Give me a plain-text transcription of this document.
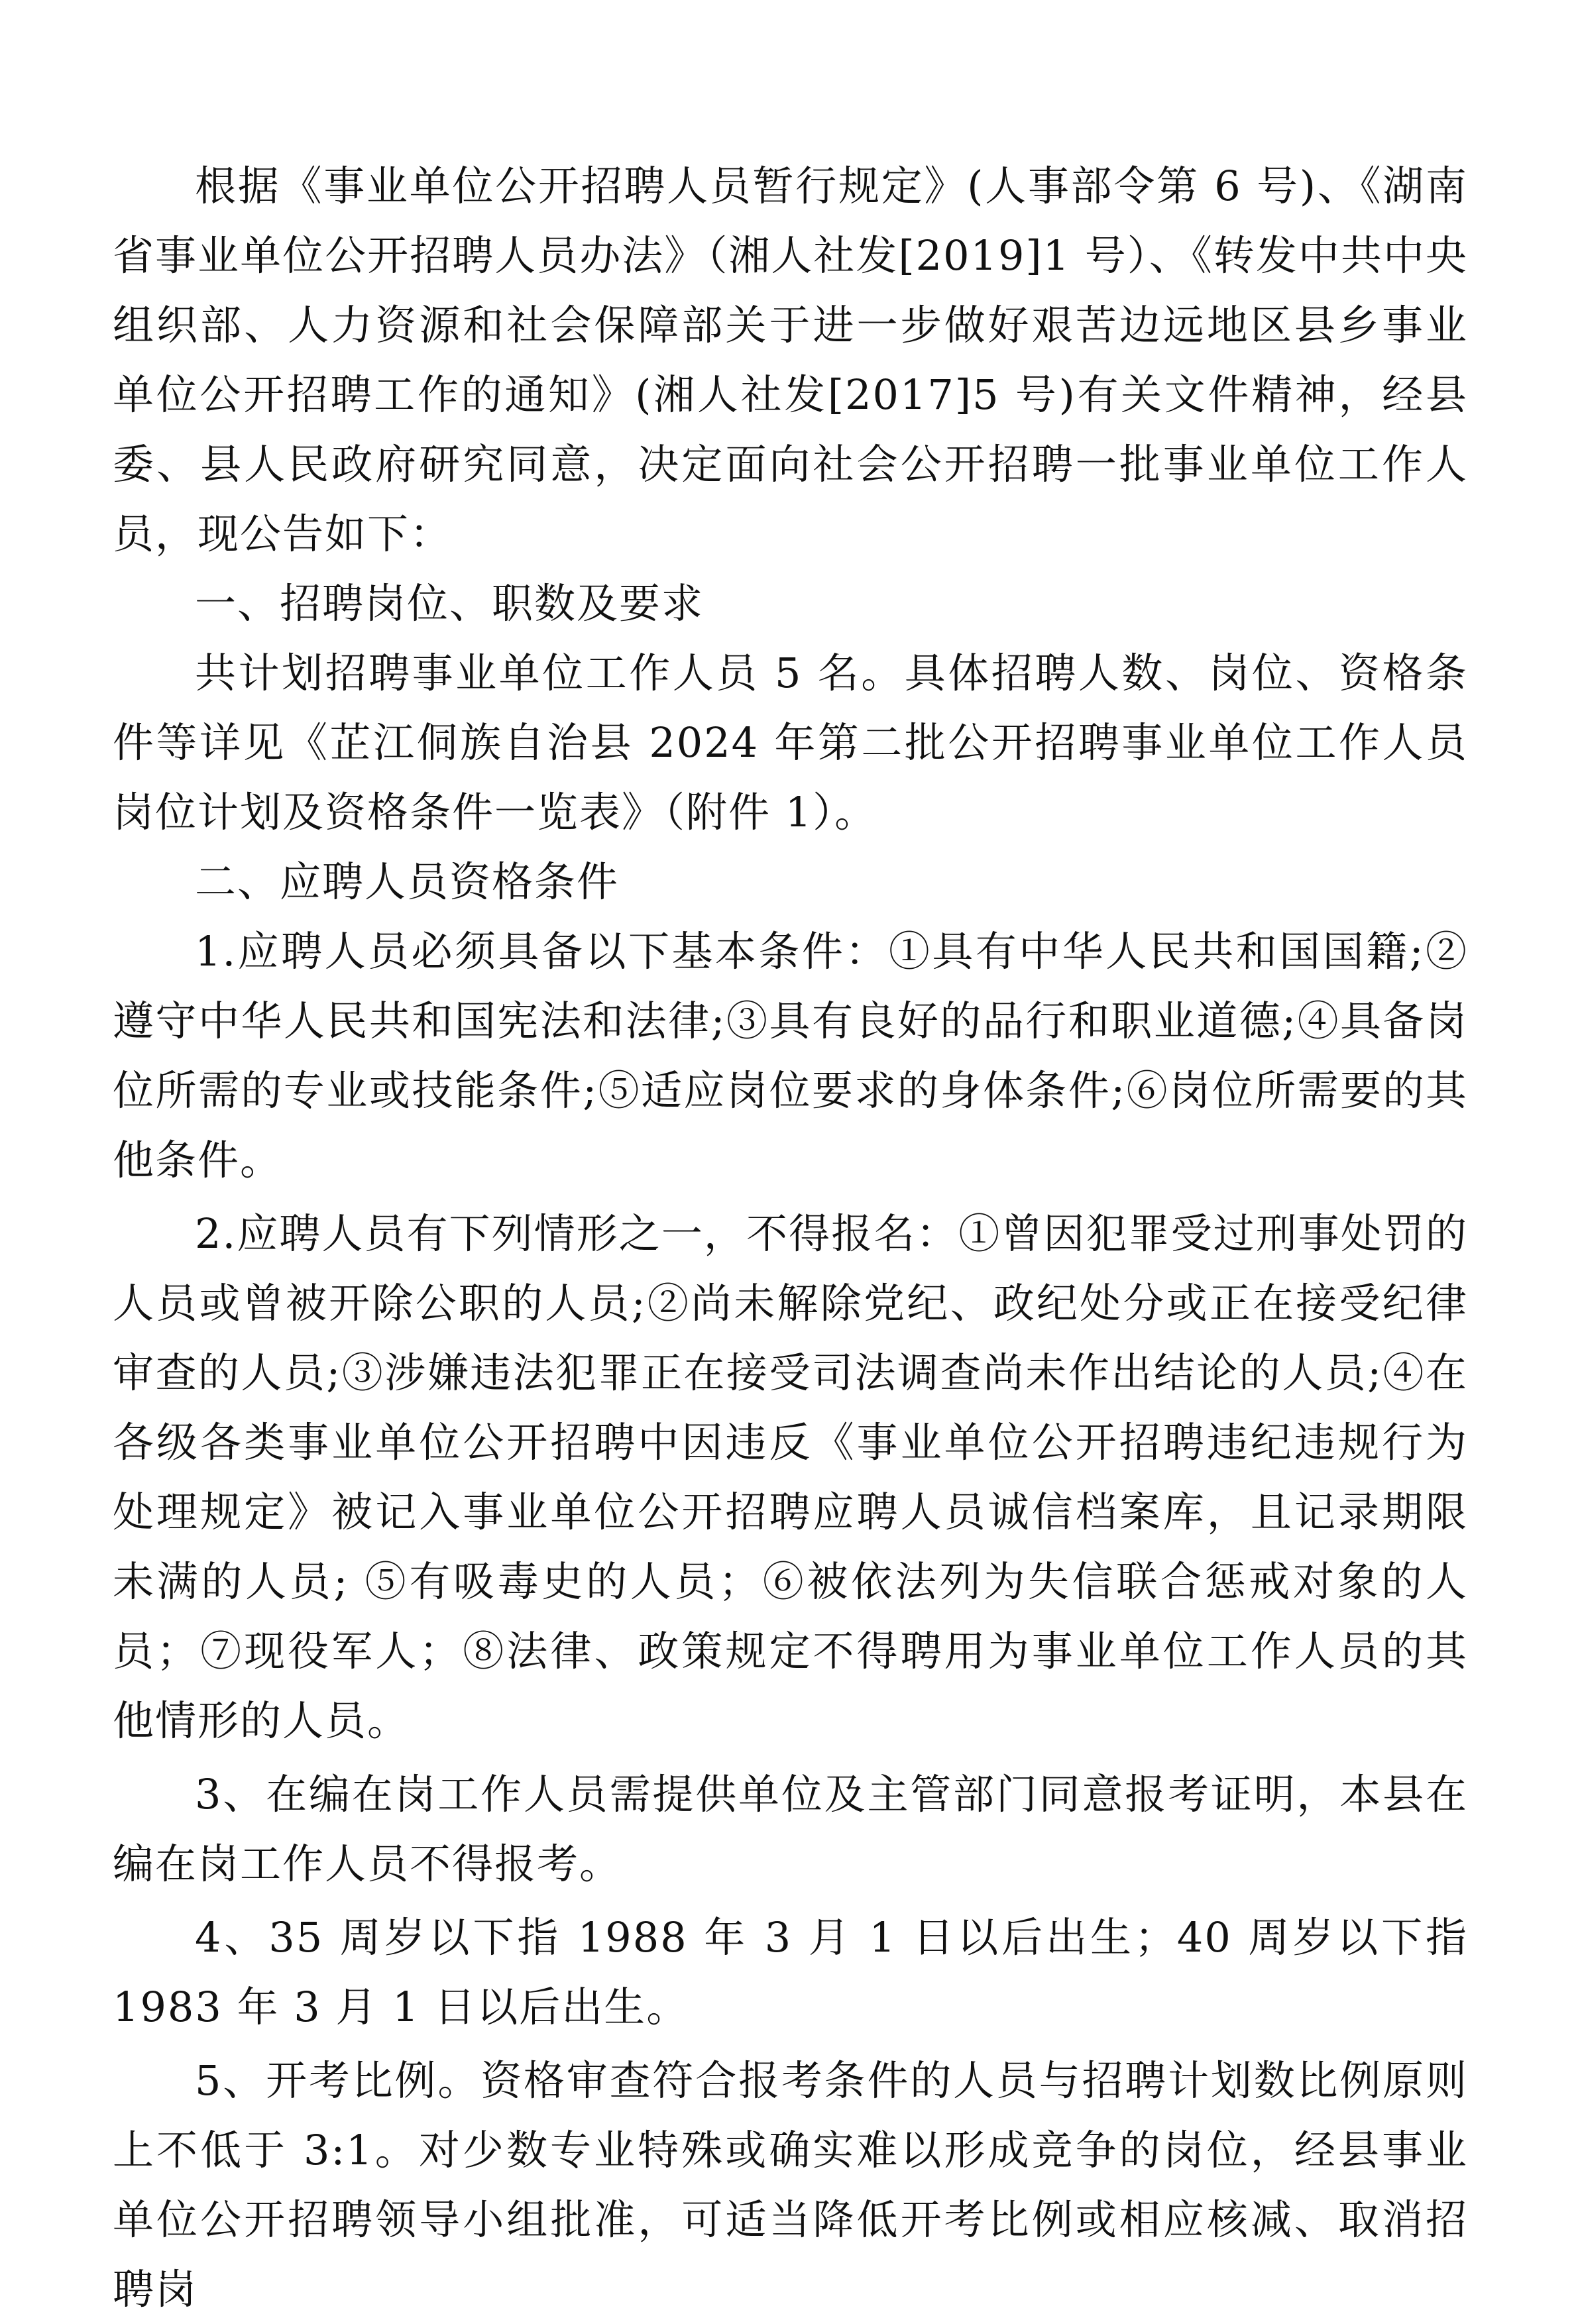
根据《事业单位公开招聘人员暂行规定》(人事部令第 6 号)、《湖南省事业单位公开招聘人员办法》（湘人社发[2019]1 号）、《转发中共中央组织部、人力资源和社会保障部关于进一步做好艰苦边远地区县乡事业单位公开招聘工作的通知》(湘人社发[2017]5 号)有关文件精神，经县委、县人民政府研究同意，决定面向社会公开招聘一批事业单位工作人员，现公告如下：

一、招聘岗位、职数及要求

共计划招聘事业单位工作人员 5 名。具体招聘人数、岗位、资格条件等详见《芷江侗族自治县 2024 年第二批公开招聘事业单位工作人员岗位计划及资格条件一览表》（附件 1）。

二、应聘人员资格条件

1.应聘人员必须具备以下基本条件：①具有中华人民共和国国籍;②遵守中华人民共和国宪法和法律;③具有良好的品行和职业道德;④具备岗位所需的专业或技能条件;⑤适应岗位要求的身体条件;⑥岗位所需要的其他条件。

2.应聘人员有下列情形之一，不得报名：①曾因犯罪受过刑事处罚的人员或曾被开除公职的人员;②尚未解除党纪、政纪处分或正在接受纪律审查的人员;③涉嫌违法犯罪正在接受司法调查尚未作出结论的人员;④在各级各类事业单位公开招聘中因违反《事业单位公开招聘违纪违规行为处理规定》被记入事业单位公开招聘应聘人员诚信档案库，且记录期限未满的人员; ⑤有吸毒史的人员；⑥被依法列为失信联合惩戒对象的人员；⑦现役军人；⑧法律、政策规定不得聘用为事业单位工作人员的其他情形的人员。

3、在编在岗工作人员需提供单位及主管部门同意报考证明，本县在编在岗工作人员不得报考。

4、35 周岁以下指 1988 年 3 月 1 日以后出生；40 周岁以下指 1983 年 3 月 1 日以后出生。

5、开考比例。资格审查符合报考条件的人员与招聘计划数比例原则上不低于 3:1。对少数专业特殊或确实难以形成竞争的岗位，经县事业单位公开招聘领导小组批准，可适当降低开考比例或相应核减、取消招聘岗
